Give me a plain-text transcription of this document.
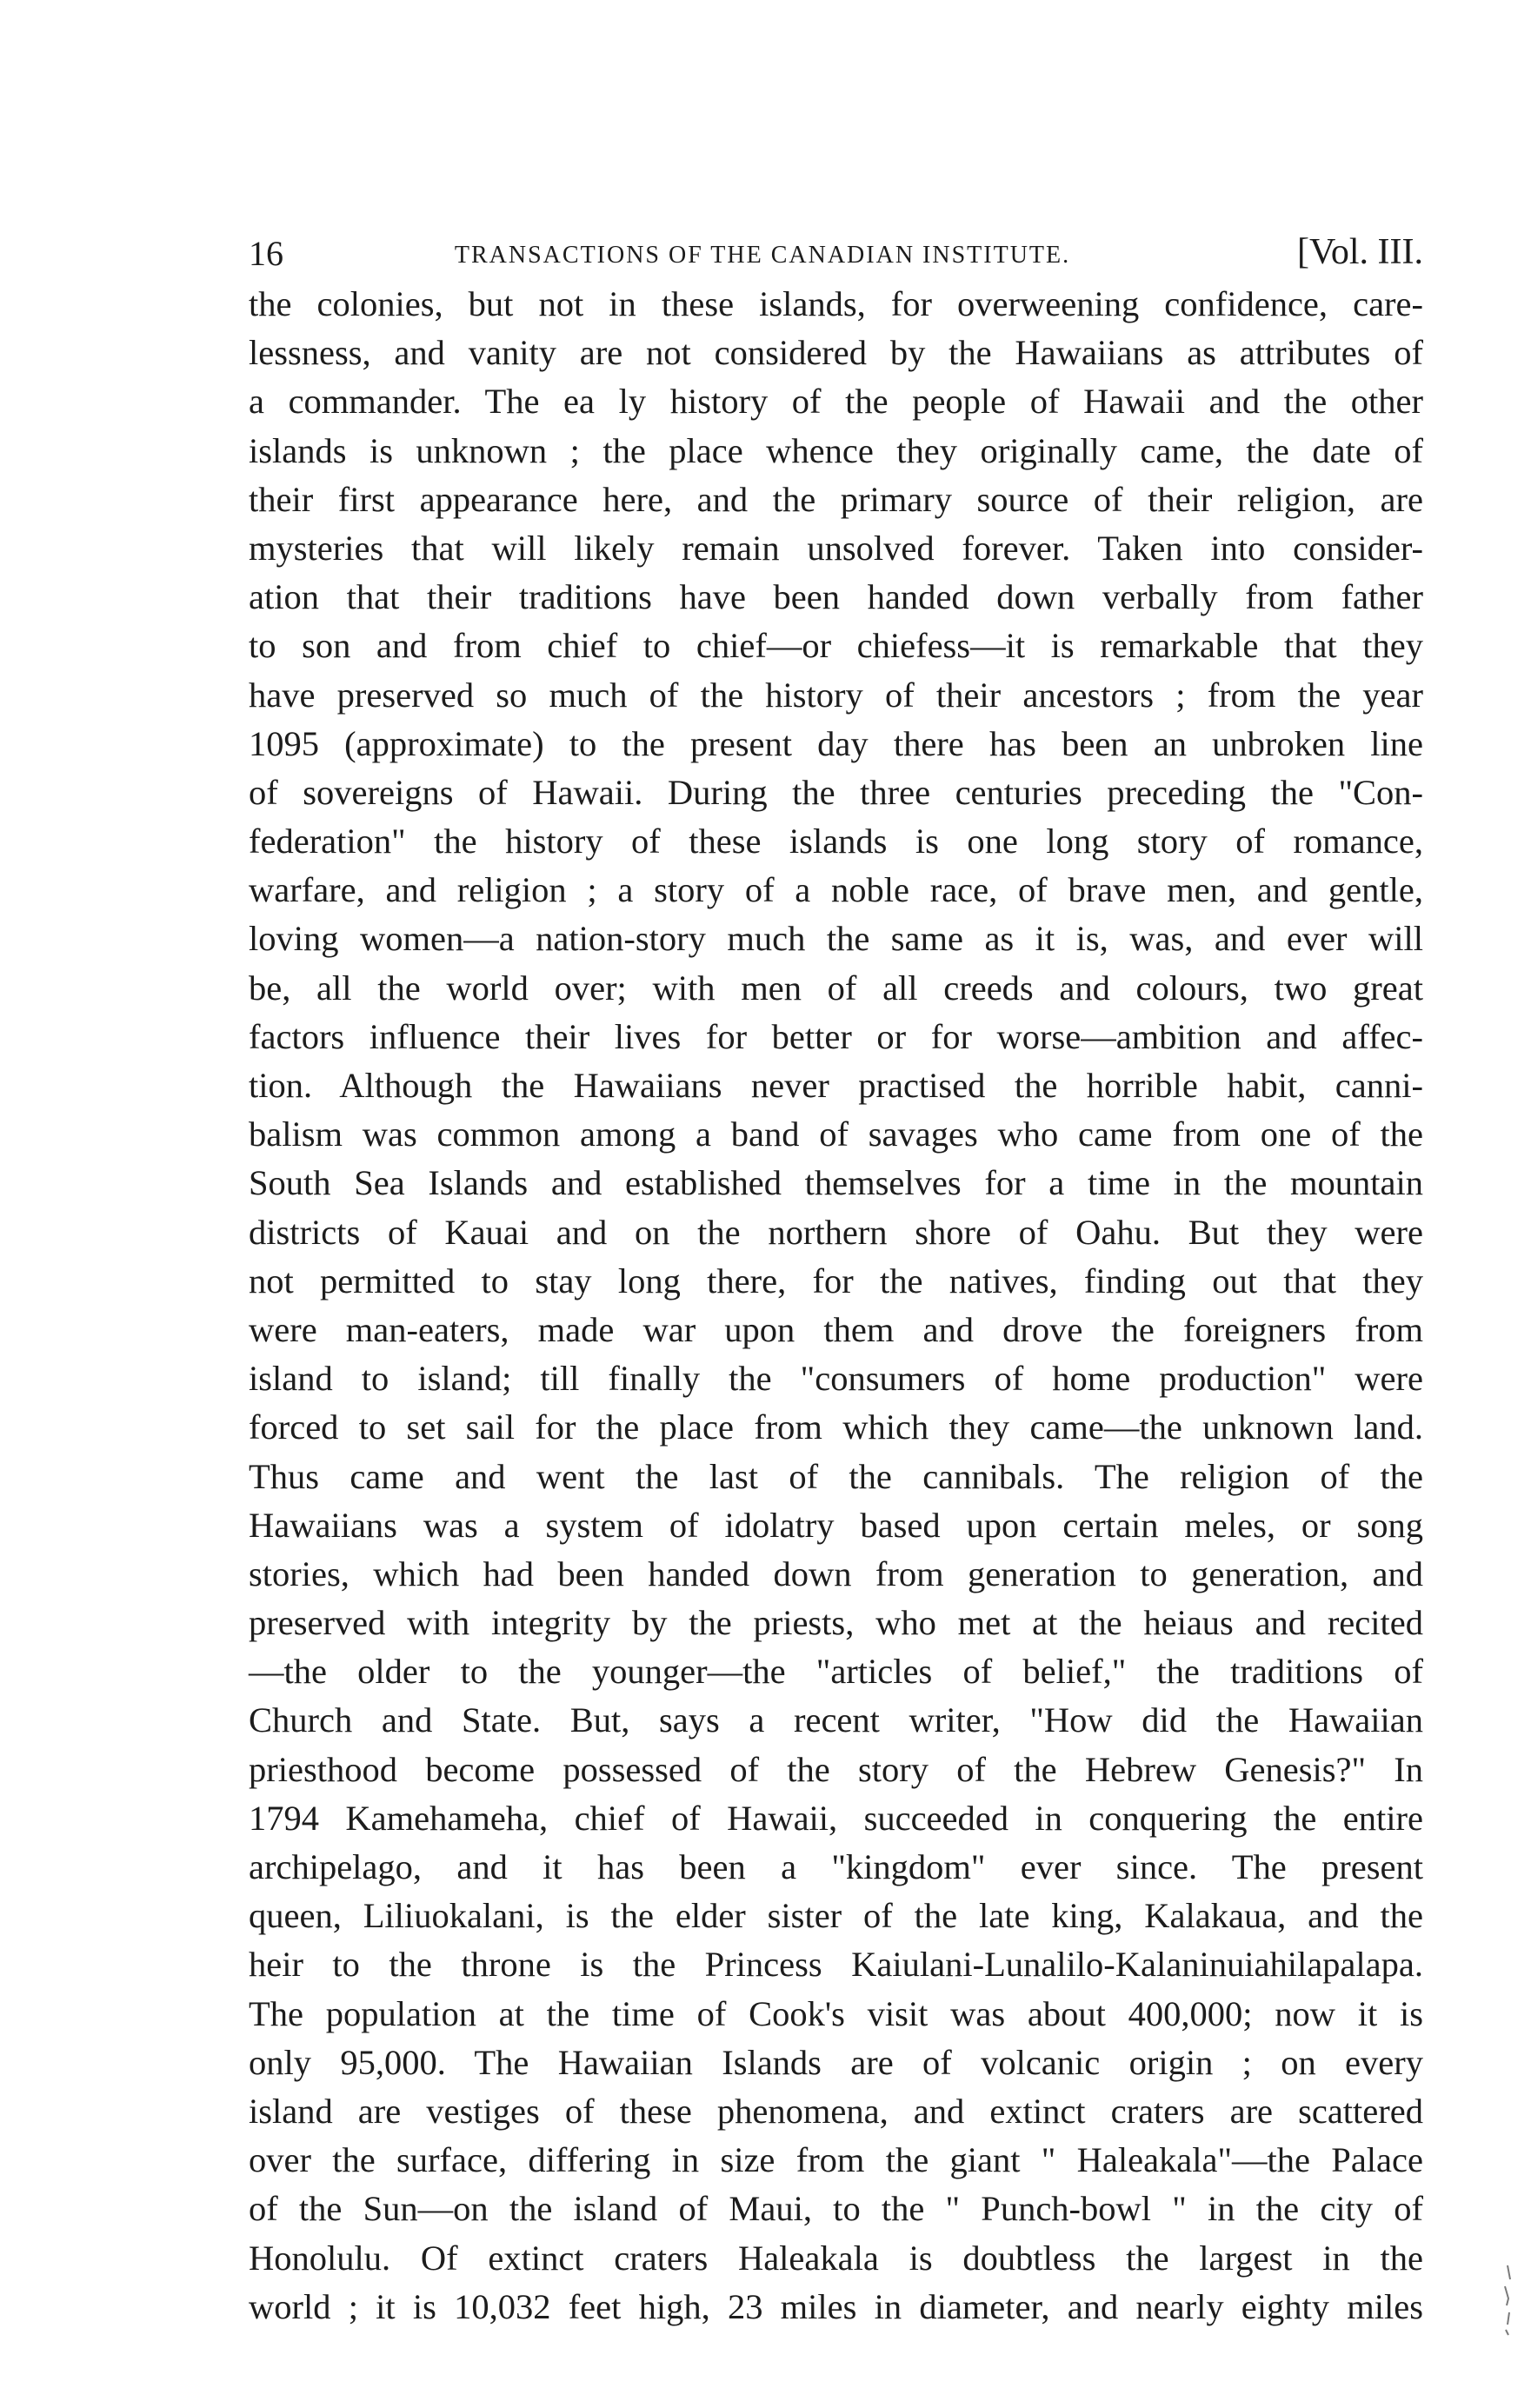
16	TRANSACTIONS OF THE CANADIAN INSTITUTE.	[Vol. III.
the colonies, but not in these islands, for overweening confidence, care-
lessness, and vanity are not considered by the Hawaiians as attributes of
a commander. The ea ly history of the people of Hawaii and the other
islands is unknown ; the place whence they originally came, the date of
their first appearance here, and the primary source of their religion, are
mysteries that will likely remain unsolved forever. Taken into consider-
ation that their traditions have been handed down verbally from father
to son and from chief to chief—or chiefess—it is remarkable that they
have preserved so much of the history of their ancestors ; from the year
1095 (approximate) to the present day there has been an unbroken line
of sovereigns of Hawaii. During the three centuries preceding the "Con-
federation" the history of these islands is one long story of romance,
warfare, and religion ; a story of a noble race, of brave men, and gentle,
loving women—a nation-story much the same as it is, was, and ever will
be, all the world over; with men of all creeds and colours, two great
factors influence their lives for better or for worse—ambition and affec-
tion. Although the Hawaiians never practised the horrible habit, canni-
balism was common among a band of savages who came from one of the
South Sea Islands and established themselves for a time in the mountain
districts of Kauai and on the northern shore of Oahu. But they were
not permitted to stay long there, for the natives, finding out that they
were man-eaters, made war upon them and drove the foreigners from
island to island; till finally the "consumers of home production" were
forced to set sail for the place from which they came—the unknown land.
Thus came and went the last of the cannibals. The religion of the
Hawaiians was a system of idolatry based upon certain meles, or song
stories, which had been handed down from generation to generation, and
preserved with integrity by the priests, who met at the heiaus and recited
—the older to the younger—the "articles of belief," the traditions of
Church and State. But, says a recent writer, "How did the Hawaiian
priesthood become possessed of the story of the Hebrew Genesis?" In
1794 Kamehameha, chief of Hawaii, succeeded in conquering the entire
archipelago, and it has been a "kingdom" ever since. The present
queen, Liliuokalani, is the elder sister of the late king, Kalakaua, and the
heir to the throne is the Princess Kaiulani-Lunalilo-Kalaninuiahilapalapa.
The population at the time of Cook's visit was about 400,000; now it is
only 95,000. The Hawaiian Islands are of volcanic origin ; on every
island are vestiges of these phenomena, and extinct craters are scattered
over the surface, differing in size from the giant " Haleakala"—the Palace
of the Sun—on the island of Maui, to the " Punch-bowl " in the city of
Honolulu. Of extinct craters Haleakala is doubtless the largest in the
world ; it is 10,032 feet high, 23 miles in diameter, and nearly eighty miles
